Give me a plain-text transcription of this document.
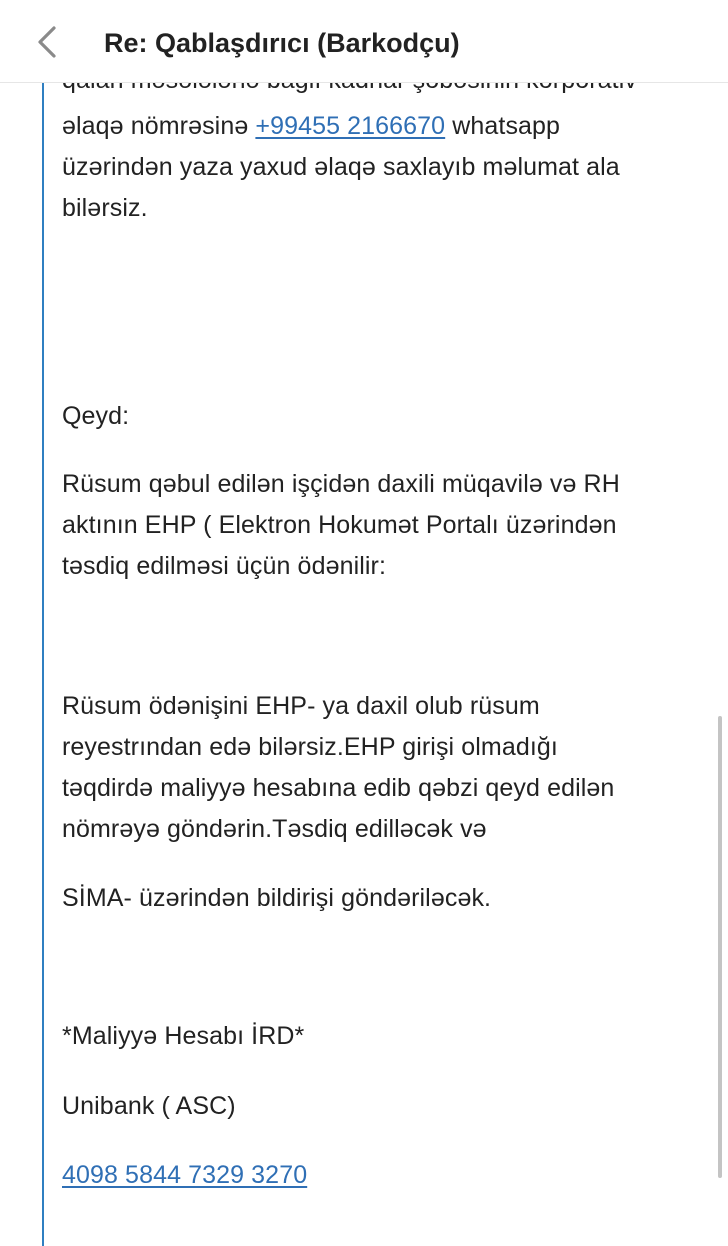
əlaqə nömrəsinə +99455 2166670 whatsapp
üzərindən yaza yaxud əlaqə saxlayıb məlumat ala
bilərsiz.
Qeyd:
Rüsum qəbul edilən işçidən daxili müqavilə və RH
aktının EHP ( Elektron Hokumət Portalı üzərindən
təsdiq edilməsi üçün ödənilir:
Rüsum ödənişini EHP- ya daxil olub rüsum
reyestrından edə bilərsiz.EHP girişi olmadığı
təqdirdə maliyyə hesabına edib qəbzi qeyd edilən
nömrəyə göndərin.Təsdiq edilləcək və
SİMA- üzərindən bildirişi göndəriləcək.
*Maliyyə Hesabı İRD*
Unibank ( ASC)
4098 5844 7329 3270
Re: Qablaşdırıcı (Barkodçu)
